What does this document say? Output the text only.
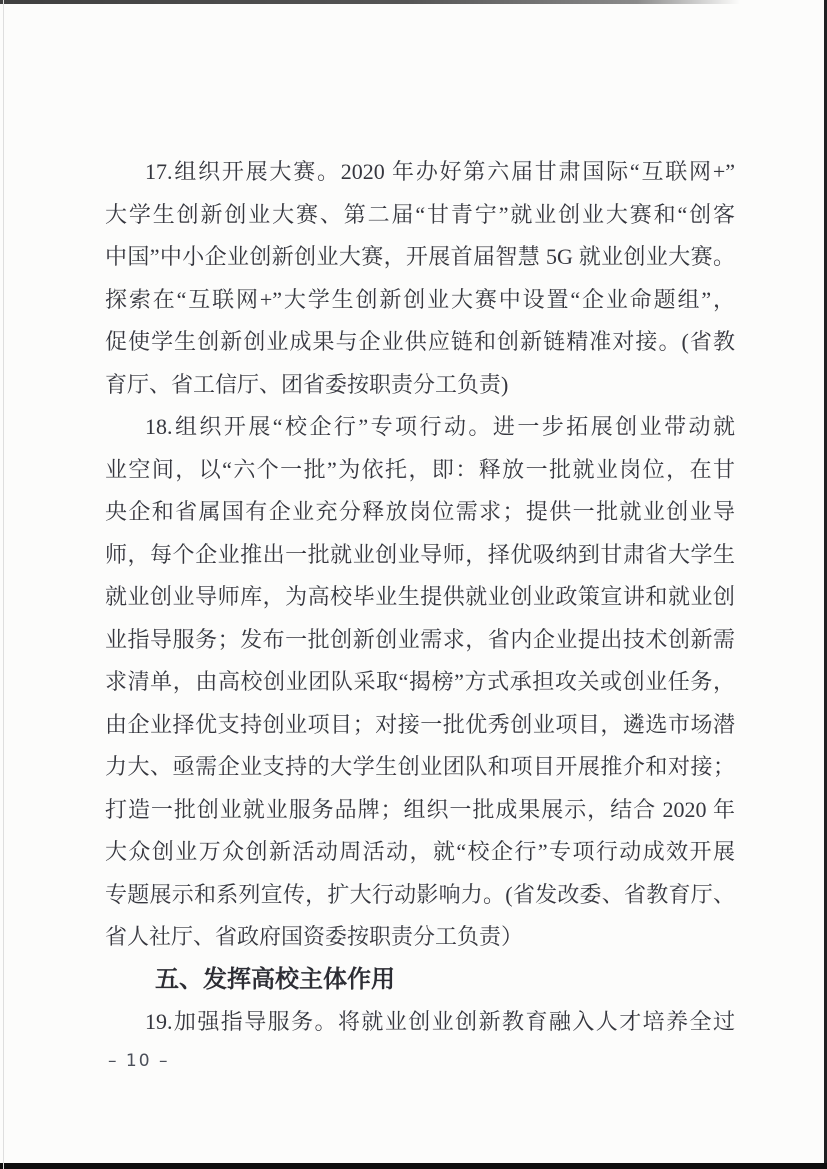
17.组织开展大赛。2020 年办好第六届甘肃国际“互联网+”
大学生创新创业大赛、第二届“甘青宁”就业创业大赛和“创客
中国”中小企业创新创业大赛，开展首届智慧 5G 就业创业大赛。
探索在“互联网+”大学生创新创业大赛中设置“企业命题组”，
促使学生创新创业成果与企业供应链和创新链精准对接。(省教
育厅、省工信厅、团省委按职责分工负责)
18.组织开展“校企行”专项行动。进一步拓展创业带动就
业空间，以“六个一批”为依托，即：释放一批就业岗位，在甘
央企和省属国有企业充分释放岗位需求；提供一批就业创业导
师，每个企业推出一批就业创业导师，择优吸纳到甘肃省大学生
就业创业导师库，为高校毕业生提供就业创业政策宣讲和就业创
业指导服务；发布一批创新创业需求，省内企业提出技术创新需
求清单，由高校创业团队采取“揭榜”方式承担攻关或创业任务，
由企业择优支持创业项目；对接一批优秀创业项目，遴选市场潜
力大、亟需企业支持的大学生创业团队和项目开展推介和对接；
打造一批创业就业服务品牌；组织一批成果展示，结合 2020 年
大众创业万众创新活动周活动，就“校企行”专项行动成效开展
专题展示和系列宣传，扩大行动影响力。(省发改委、省教育厅、
省人社厅、省政府国资委按职责分工负责）
五、发挥高校主体作用
19.加强指导服务。将就业创业创新教育融入人才培养全过
– 10 –
